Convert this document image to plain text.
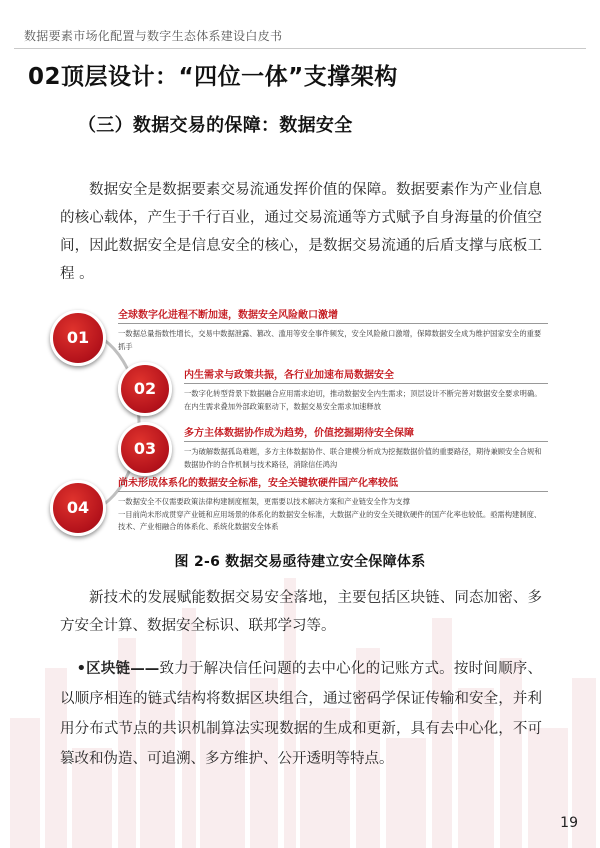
数据要素市场化配置与数字生态体系建设白皮书
02顶层设计：“四位一体”支撑架构
（三）数据交易的保障：数据安全

数据安全是数据要素交易流通发挥价值的保障。数据要素作为产业信息的核心载体，产生于千行百业，通过交易流通等方式赋予自身海量的价值空间，因此数据安全是信息安全的核心，是数据交易流通的后盾支撑与底板工程 。

01
全球数字化进程不断加速，数据安全风险敞口激增
一数据总量指数性增长，交易中数据泄露、篡改、滥用等安全事件频发，安全风险敞口激增，保障数据安全成为维护国家安全的重要抓手
02
内生需求与政策共振，各行业加速布局数据安全
一数字化转型背景下数据融合应用需求迫切，推动数据安全内生需求；顶层设计不断完善对数据安全要求明确。在内生需求叠加外部政策驱动下，数据交易安全需求加速释放
03
多方主体数据协作成为趋势，价值挖掘期待安全保障
一为破解数据孤岛难题，多方主体数据协作、联合建模分析成为挖掘数据价值的重要路径，期待兼顾安全合规和数据协作的合作机制与技术路径，消除信任鸿沟
04
尚未形成体系化的数据安全标准，安全关键软硬件国产化率较低
一数据安全不仅需要政策法律构建制度框架，更需要以技术解决方案和产业链安全作为支撑
一目前尚未形成贯穿产业链和应用场景的体系化的数据安全标准，大数据产业的安全关键软硬件的国产化率也较低。亟需构建制度、技术、产业相融合的体系化、系统化数据安全体系
图 2-6 数据交易亟待建立安全保障体系

新技术的发展赋能数据交易安全落地，主要包括区块链、同态加密、多方安全计算、数据安全标识、联邦学习等。

• 区块链——致力于解决信任问题的去中心化的记账方式。按时间顺序、以顺序相连的链式结构将数据区块组合，通过密码学保证传输和安全，并利用分布式节点的共识机制算法实现数据的生成和更新，具有去中心化，不可篡改和伪造、可追溯、多方维护、公开透明等特点。

19
